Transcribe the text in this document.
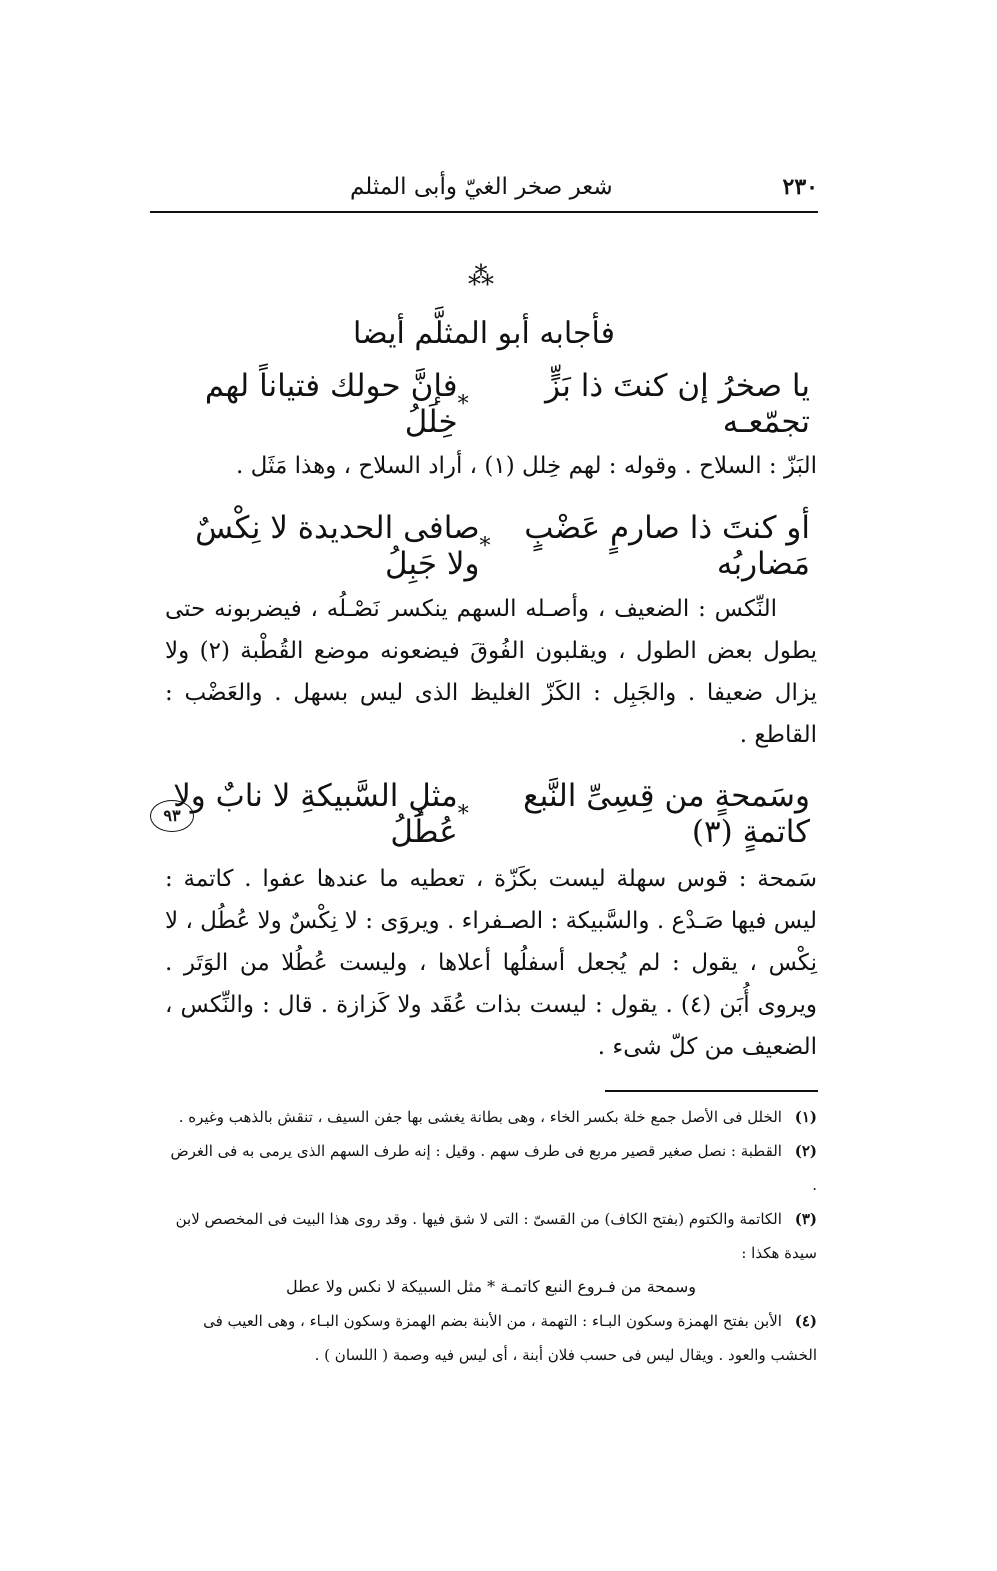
٢٣٠
شعر صخر الغيّ وأبى المثلم
⁂
فأجابه أبو المثلَّم أيضا
يا صخرُ إن كنتَ ذا بَزٍّ تجمّعـه
*
فإنَّ حولك فتياناً لهم خِلَلُ
البَزّ : السلاح . وقوله : لهم خِلل (١) ، أراد السلاح ، وهذا مَثَل .
أو كنتَ ذا صارمٍ عَضْبٍ مَضاربُه
*
صافى الحديدة لا نِكْسٌ ولا جَبِلُ
النِّكس : الضعيف ، وأصـله السهم ينكسر نَصْـلُه ، فيضربونه حتى يطول بعض الطول ، ويقلبون الفُوقَ فيضعونه موضع القُطْبة (٢) ولا يزال ضعيفا . والجَبِل : الكَزّ الغليظ الذى ليس بسهل . والعَضْب : القاطع .
٩٣
وسَمحةٍ من قِسِىِّ النَّبع كاتمةٍ (٣)
*
مثلِ السَّبيكةِ لا نابٌ ولا عُطُلُ
سَمحة : قوس سهلة ليست بكَزّة ، تعطيه ما عندها عفوا . كاتمة : ليس فيها صَـدْع . والسَّبيكة : الصـفراء . ويروَى : لا نِكْسٌ ولا عُطُل ، لا نِكْس ، يقول : لم يُجعل أسفلُها أعلاها ، وليست عُطُلا من الوَتَر . ويروى أُبَن (٤) . يقول : ليست بذات عُقَد ولا كَزازة . قال : والنِّكس ، الضعيف من كلّ شىء .

(١) الخلل فى الأصل جمع خلة بكسر الخاء ، وهى بطانة يغشى بها جفن السيف ، تنقش بالذهب وغيره .

(٢) القطبة : نصل صغير قصير مربع فى طرف سهم . وقيل : إنه طرف السهم الذى يرمى به فى الغرض .

(٣) الكاتمة والكتوم (بفتح الكاف) من القسىّ : التى لا شق فيها . وقد روى هذا البيت فى المخصص لابن سيدة هكذا :

وسمحة من فـروع النبع كاتمـة * مثل السبيكة لا نكس ولا عطل

(٤) الأبن بفتح الهمزة وسكون البـاء : التهمة ، من الأبنة بضم الهمزة وسكون البـاء ، وهى العيب فى الخشب والعود . ويقال ليس فى حسب فلان أبنة ، أى ليس فيه وصمة ( اللسان ) .
